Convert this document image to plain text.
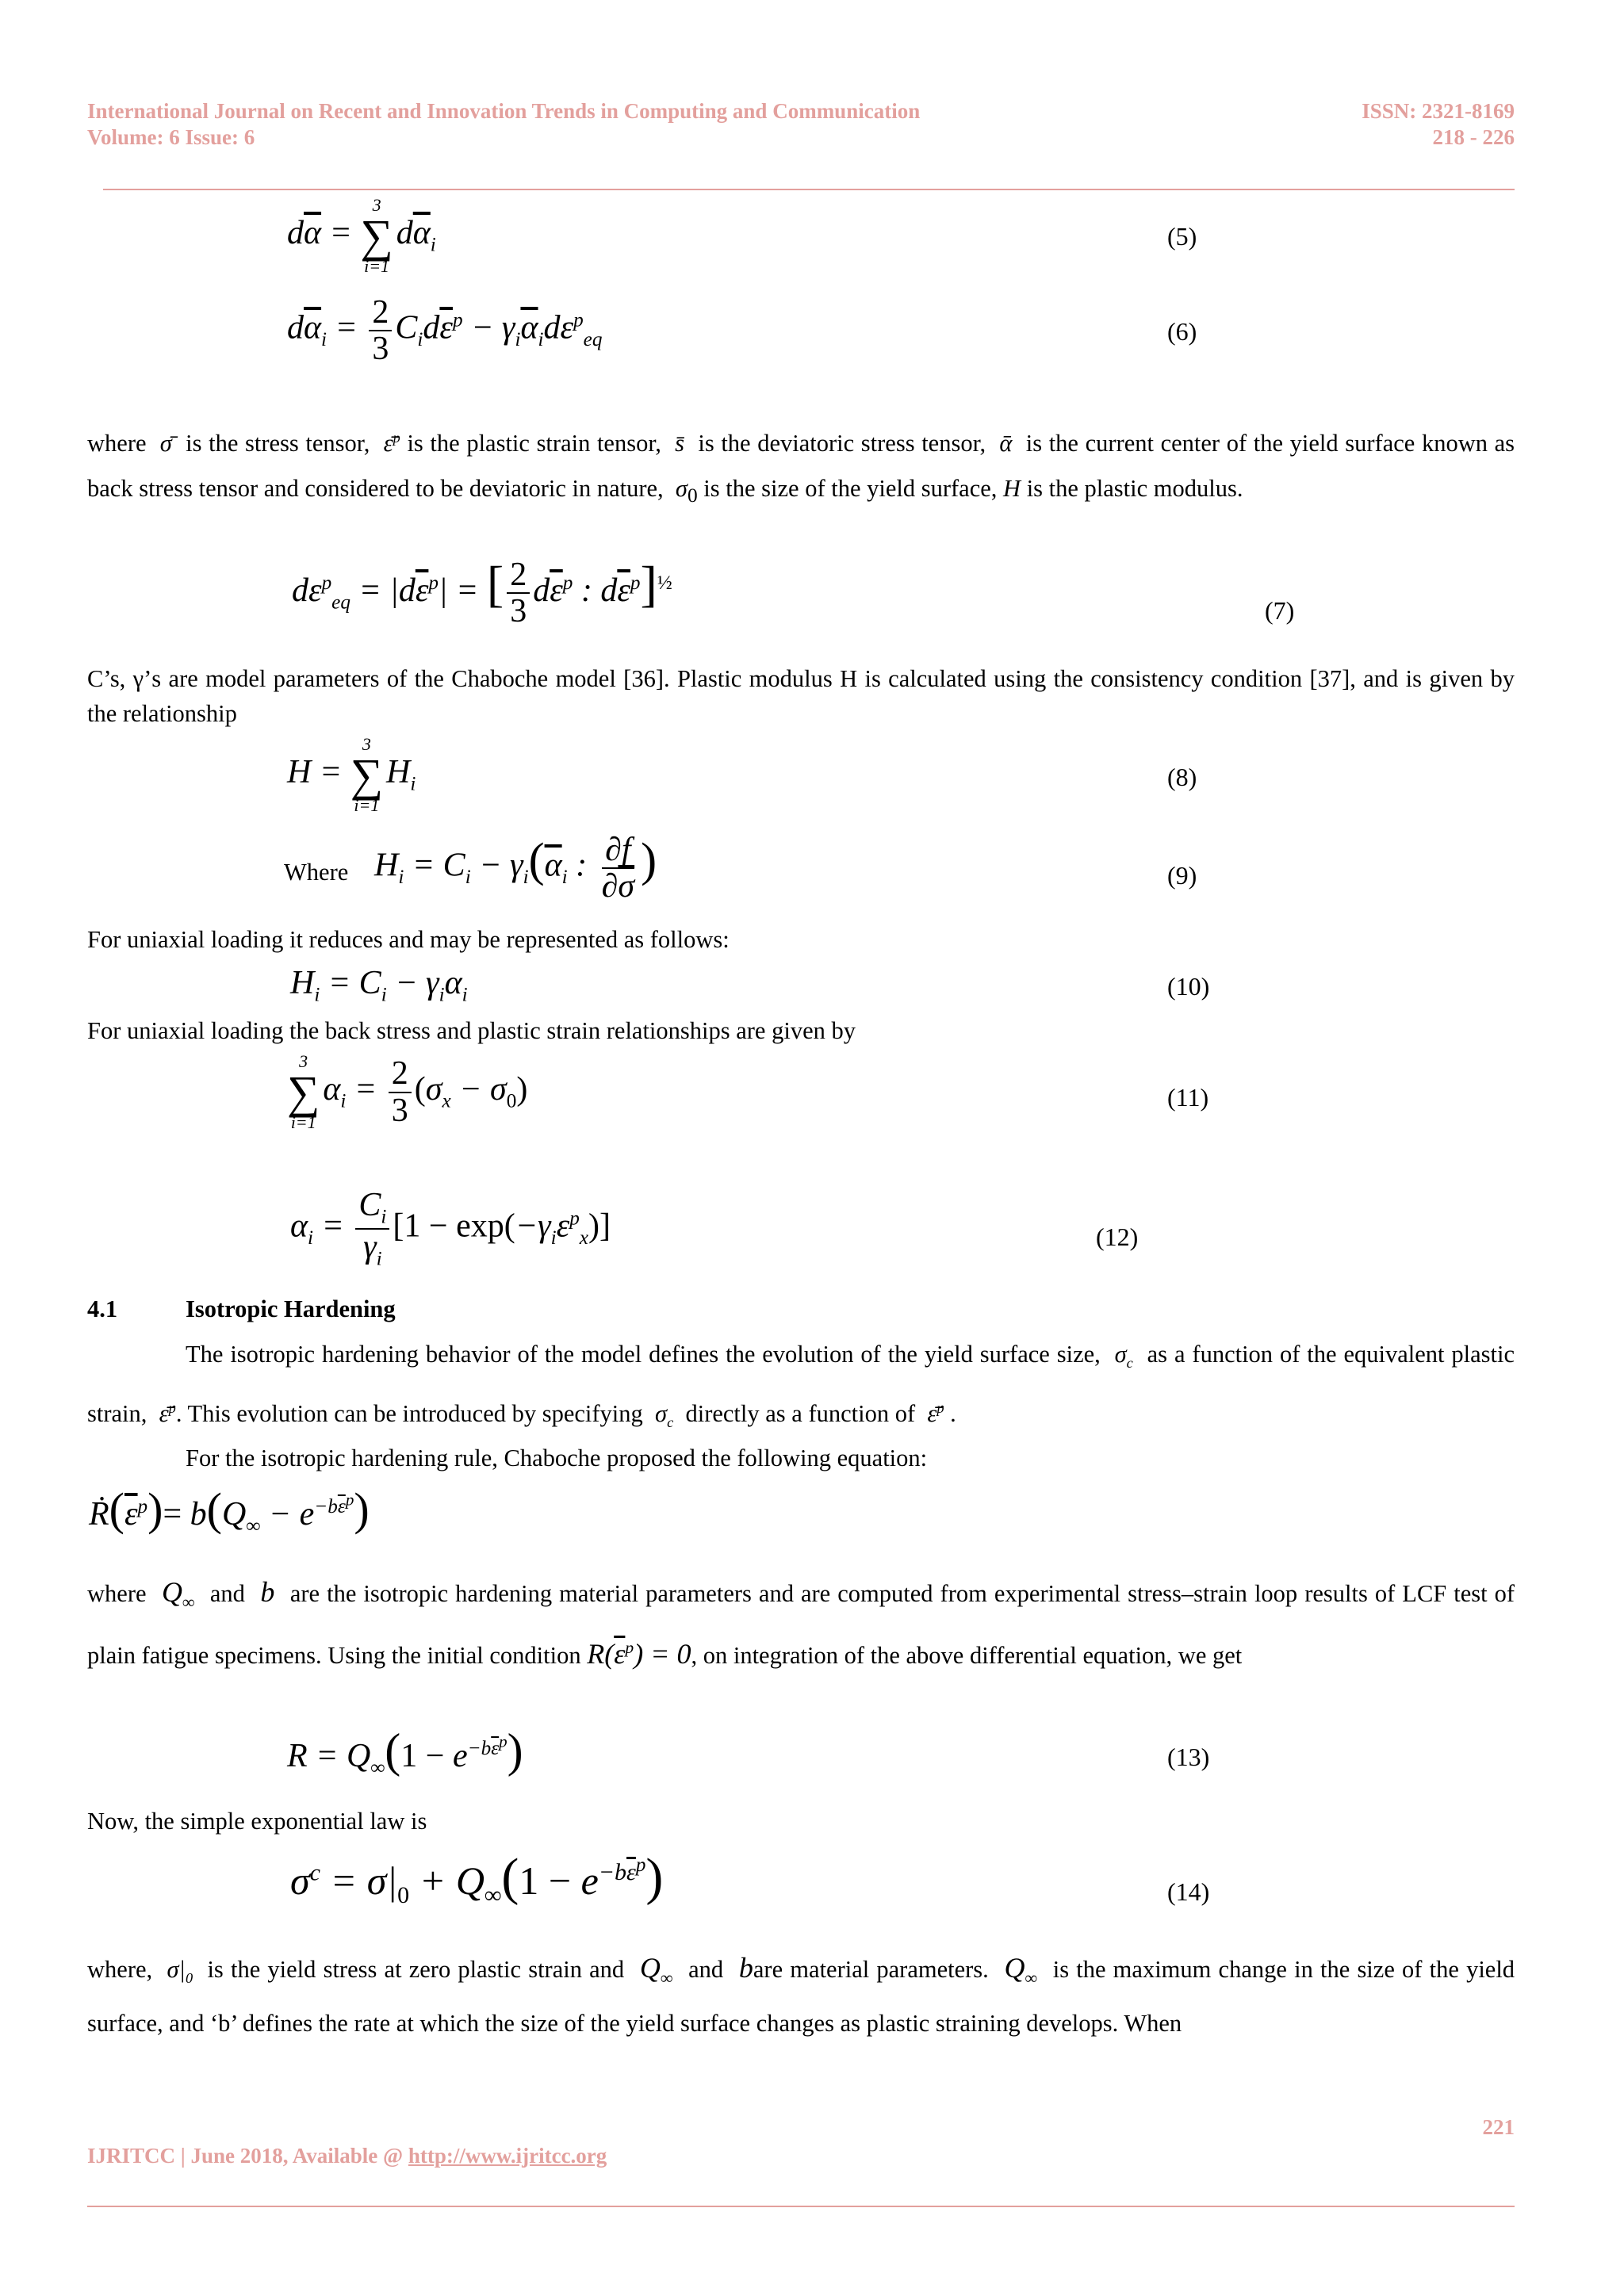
International Journal on Recent and Innovation Trends in Computing and Communication
Volume: 6 Issue: 6
ISSN: 2321-8169
218 - 226
$d\overline{\alpha}$ =
3
∑
i=1
$d\overline{\alpha}_i$	(5)
$d\overline{\alpha}_i = \frac{2}{3} C_id\overline{\varepsilon}^p - \gamma_i\overline{\alpha}_id\varepsilon^p_{eq}$	(6)
where  σ̄  is the stress tensor,  ε̄$^p$ is the plastic strain tensor,  s̄  is the deviatoric stress tensor,  ᾱ  is the current center of the yield surface known as back stress tensor and considered to be deviatoric in nature,  $\sigma_0$ is the size of the yield surface, H is the plastic modulus.
$d\varepsilon^p_{eq} = |d\overline{\varepsilon}^p|$ = [ $\frac{2}{3} d\overline{\varepsilon}^p$ : $d\overline{\varepsilon}^p]^{\frac{1}{2}}$
(7)
C’s, γ’s are model parameters of the Chaboche model [36]. Plastic modulus H is calculated using the consistency condition [37], and is given by the relationship
H =
3
∑
i=1
$H_i$	(8)
Where $H_i = C_i - \gamma_i(\overline{\alpha}_i$ : $\frac{\partial f}{\partial\overline{\sigma}}$ )	(9)
For uniaxial loading it reduces and may be represented as follows:
$H_i = C_i - \gamma_i\alpha_i$	(10)
For uniaxial loading the back stress and plastic strain relationships are given by
3
∑
i=1
$\alpha_i = \frac{2}{3} (\sigma_x - \sigma_0)$	(11)
$\alpha_i = \frac{C_i}{\gamma_i} [1 - \exp(-\gamma_i\varepsilon^p_x)]$	(12)
4.1	Isotropic Hardening
The isotropic hardening behavior of the model defines the evolution of the yield surface size,  $\sigma_c$ as a function of the equivalent plastic strain,  ε̄̇$^p$. This evolution can be introduced by specifying  $\sigma_c$ directly as a function of  ε̄̇$^p$ .
For the isotropic hardening rule, Chaboche proposed the following equation:
$Ṙ(\overline{\varepsilon}^p)= b(Q_\infty - e^{-b\overline{\varepsilon}^p})$
where  $Q_\infty$ and  b  are the isotropic hardening material parameters and are computed from experimental stress–strain loop results of LCF test of plain fatigue specimens. Using the initial condition $R(\overline{\varepsilon}^p) = 0$, on integration of the above differential equation, we get
$R = Q_\infty(1 - e^{-b\overline{\varepsilon}^p})$	(13)
Now, the simple exponential law is
$\sigma^c = \sigma|_0 + Q_\infty(1 - e^{-b\overline{\varepsilon}^p})$	(14)
where,  $\sigma|_0$ is the yield stress at zero plastic strain and  $Q_\infty$ and  bare material parameters.  $Q_\infty$ is the maximum change in the size of the yield surface, and ‘b’ defines the rate at which the size of the yield surface changes as plastic straining develops. When
221
IJRITCC | June 2018, Available @ http://www.ijritcc.org
